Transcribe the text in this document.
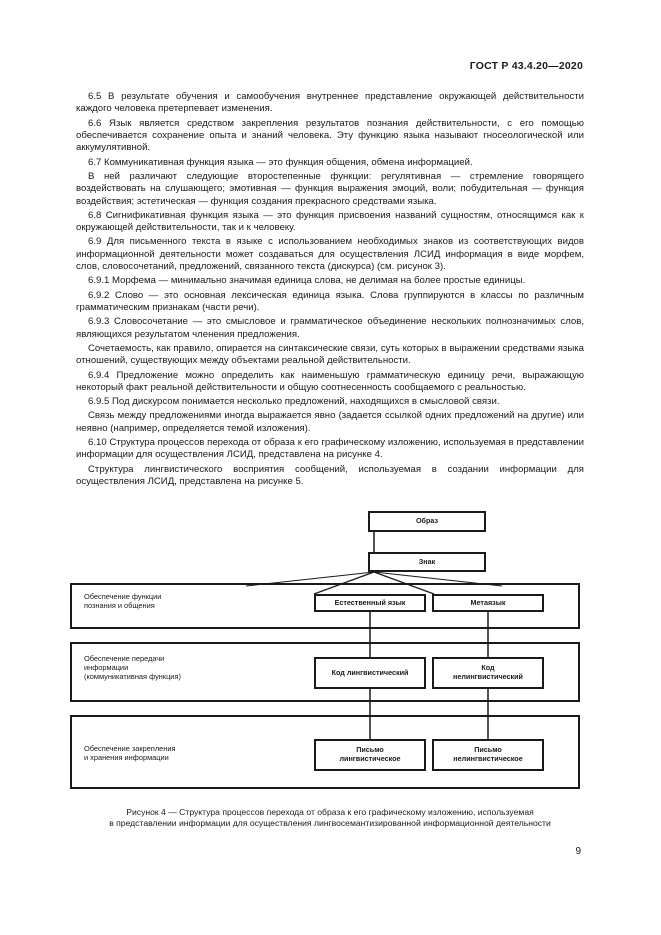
ГОСТ Р 43.4.20—2020

6.5 В результате обучения и самообучения внутреннее представление окружающей действительности каждого человека претерпевает изменения.

6.6 Язык является средством закрепления результатов познания действительности, с его помощью обеспечивается сохранение опыта и знаний человека. Эту функцию языка называют гносеологической или аккумулятивной.

6.7 Коммуникативная функция языка — это функция общения, обмена информацией.

В ней различают следующие второстепенные функции: регулятивная — стремление говорящего воздействовать на слушающего; эмотивная — функция выражения эмоций, воли; побудительная — функция воздействия; эстетическая — функция создания прекрасного средствами языка.

6.8 Сигнификативная функция языка — это функция присвоения названий сущностям, относящимся как к окружающей действительности, так и к человеку.

6.9 Для письменного текста в языке с использованием необходимых знаков из соответствующих видов информационной деятельности может создаваться для осуществления ЛСИД информация в виде морфем, слов, словосочетаний, предложений, связанного текста (дискурса) (см. рисунок 3).

6.9.1 Морфема — минимально значимая единица слова, не делимая на более простые единицы.

6.9.2 Слово — это основная лексическая единица языка. Слова группируются в классы по различным грамматическим признакам (части речи).

6.9.3 Словосочетание — это смысловое и грамматическое объединение нескольких полнозначимых слов, являющихся результатом членения предложения.

Сочетаемость, как правило, опирается на синтаксические связи, суть которых в выражении средствами языка отношений, существующих между объектами реальной действительности.

6.9.4 Предложение можно определить как наименьшую грамматическую единицу речи, выражающую некоторый факт реальной действительности и общую соотнесенность сообщаемого с реальностью.

6.9.5 Под дискурсом понимается несколько предложений, находящихся в смысловой связи.

Связь между предложениями иногда выражается явно (задается ссылкой одних предложений на другие) или неявно (например, определяется темой изложения).

6.10 Структура процессов перехода от образа к его графическому изложению, используемая в представлении информации для осуществления ЛСИД, представлена на рисунке 4.

Структура лингвистического восприятия сообщений, используемая в создании информации для осуществления ЛСИД, представлена на рисунке 5.

Образ
Знак
Обеспечение функции
познания и общения	Естественный язык	Метаязык
Обеспечение передачи
информации
(коммуникативная функция)	Код лингвистический	Код
нелингвистический
Обеспечение закрепления
и хранения информации
Письмо
лингвистическое
Письмо
нелингвистическое
Рисунок 4 — Структура процессов перехода от образа к его графическому изложению, используемая
в представлении информации для осуществления лингвосемантизированной информационной деятельности
9
